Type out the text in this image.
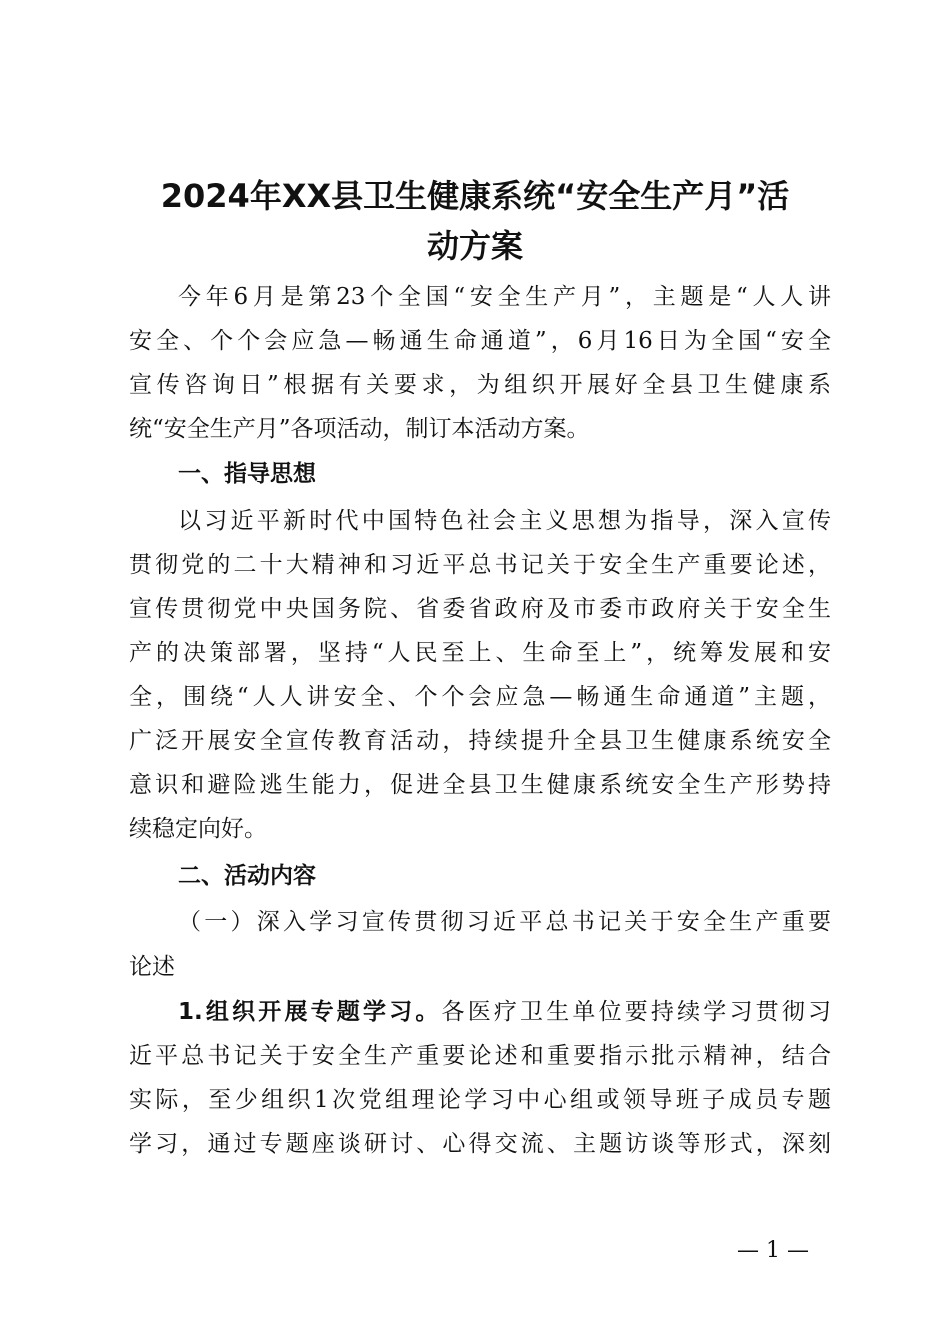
2024年XX县卫生健康系统“安全生产月”活
动方案

今年6月是第23个全国“安全生产月”，主题是“人人讲

安全、个个会应急—畅通生命通道”，6月16日为全国“安全

宣传咨询日”根据有关要求，为组织开展好全县卫生健康系

统“安全生产月”各项活动，制订本活动方案。

一、指导思想

以习近平新时代中国特色社会主义思想为指导，深入宣传

贯彻党的二十大精神和习近平总书记关于安全生产重要论述，

宣传贯彻党中央国务院、省委省政府及市委市政府关于安全生

产的决策部署，坚持“人民至上、生命至上”，统筹发展和安

全，围绕“人人讲安全、个个会应急—畅通生命通道”主题，

广泛开展安全宣传教育活动，持续提升全县卫生健康系统安全

意识和避险逃生能力，促进全县卫生健康系统安全生产形势持

续稳定向好。

二、活动内容

（一）深入学习宣传贯彻习近平总书记关于安全生产重要

论述

1.组织开展专题学习。各医疗卫生单位要持续学习贯彻习

近平总书记关于安全生产重要论述和重要指示批示精神，结合

实际，至少组织1次党组理论学习中心组或领导班子成员专题

学习，通过专题座谈研讨、心得交流、主题访谈等形式，深刻

— 1 —
